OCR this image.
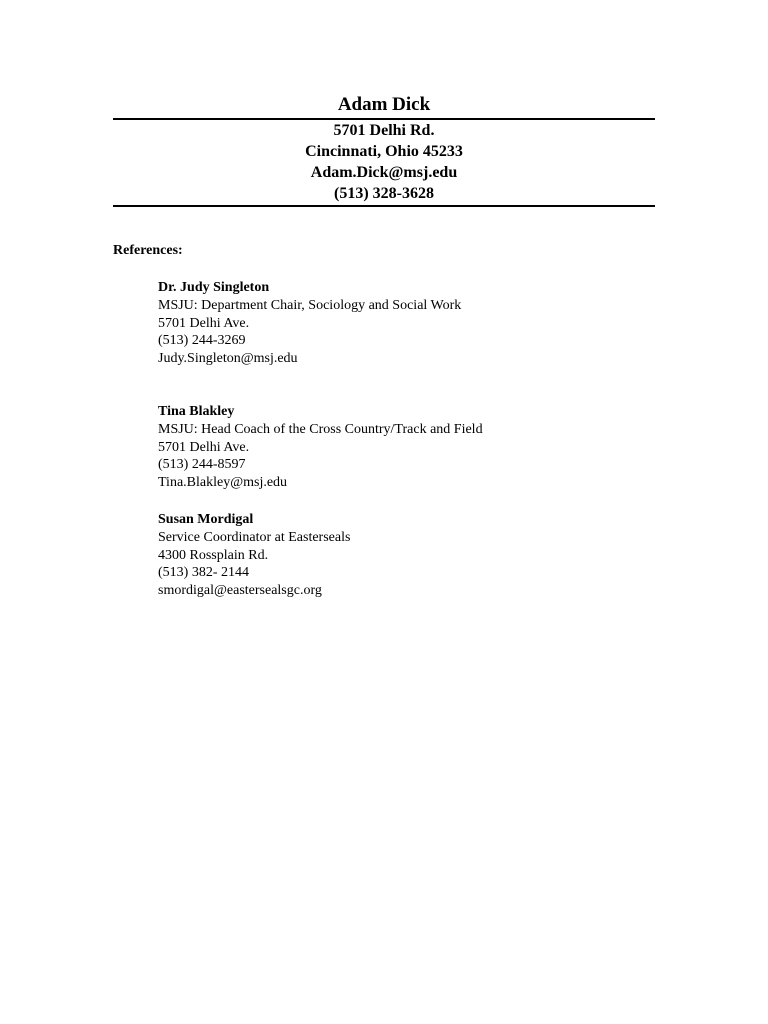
Adam Dick
5701 Delhi Rd.
Cincinnati, Ohio 45233
Adam.Dick@msj.edu
(513) 328-3628
References:
Dr. Judy Singleton
MSJU: Department Chair, Sociology and Social Work
5701 Delhi Ave.
(513) 244-3269
Judy.Singleton@msj.edu
Tina Blakley
MSJU: Head Coach of the Cross Country/Track and Field
5701 Delhi Ave.
(513) 244-8597
Tina.Blakley@msj.edu
Susan Mordigal
Service Coordinator at Easterseals
4300 Rossplain Rd.
(513) 382- 2144
smordigal@eastersealsgc.org
